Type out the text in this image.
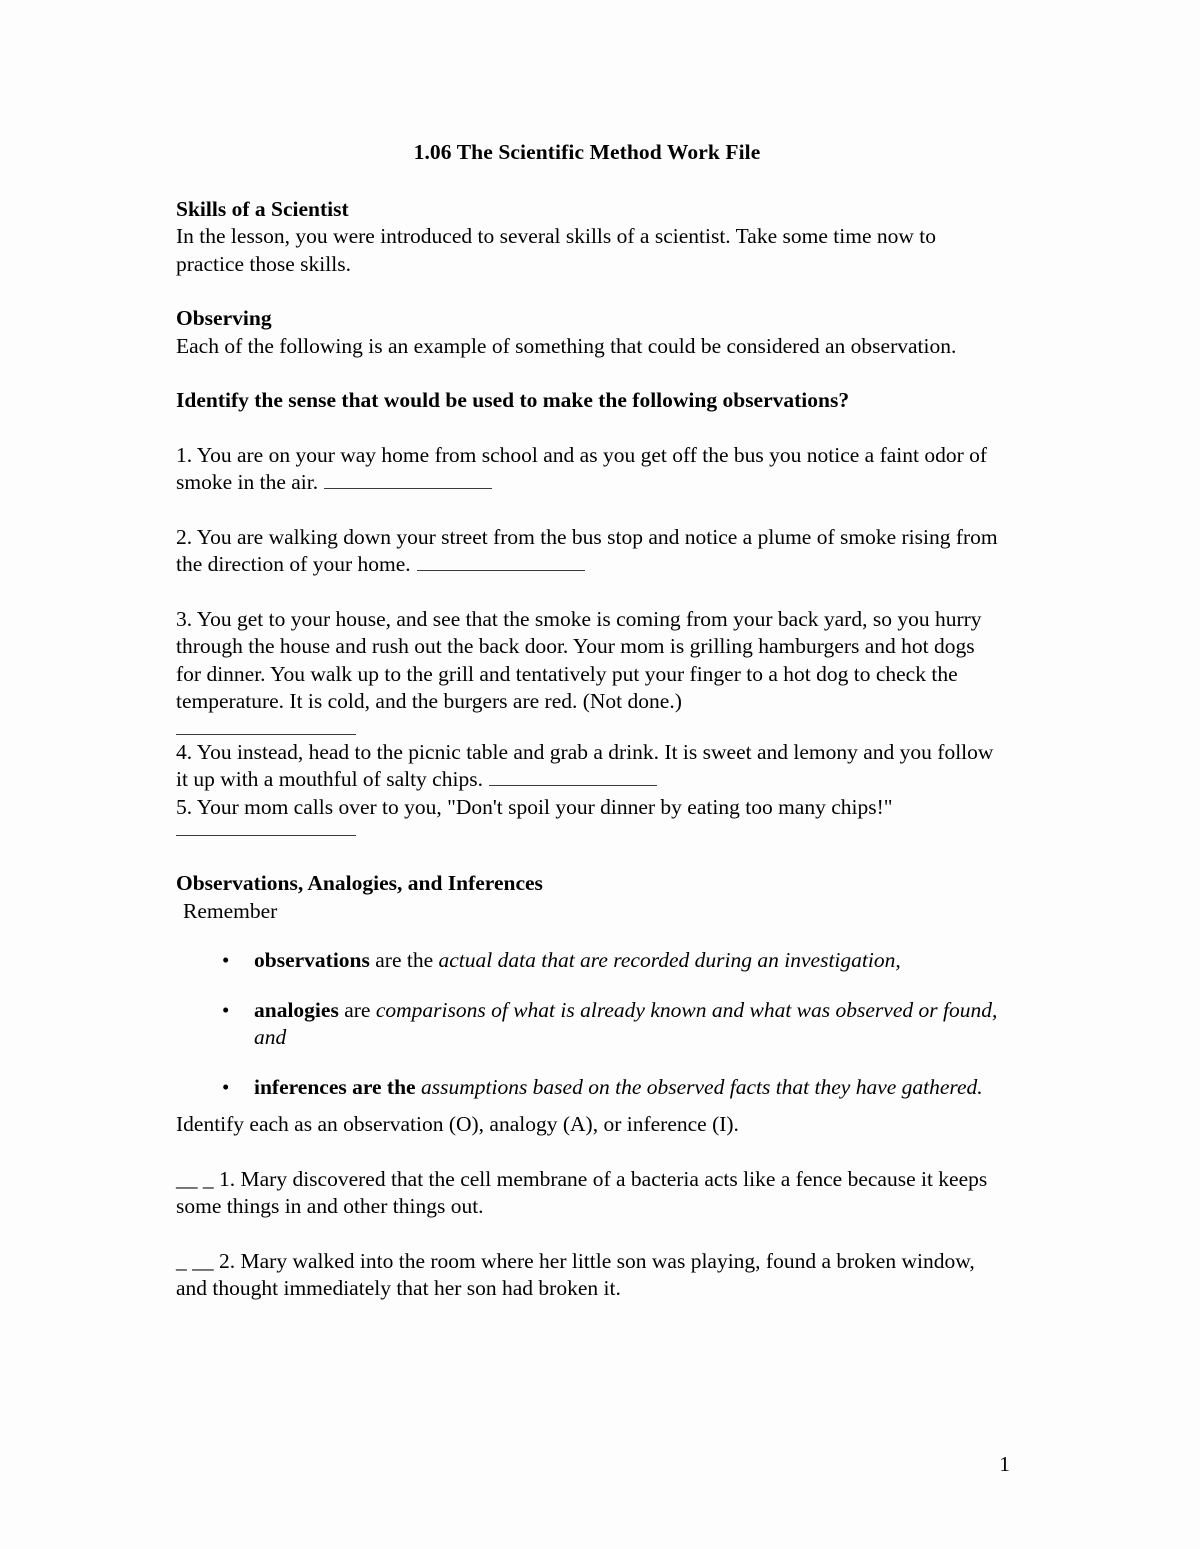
1.06 The Scientific Method Work File
Skills of a Scientist
In the lesson, you were introduced to several skills of a scientist. Take some time now to practice those skills.
Observing
Each of the following is an example of something that could be considered an observation.
Identify the sense that would be used to make the following observations?
1. You are on your way home from school and as you get off the bus you notice a faint odor of smoke in the air.
2. You are walking down your street from the bus stop and notice a plume of smoke rising from the direction of your home.
3. You get to your house, and see that the smoke is coming from your back yard, so you hurry through the house and rush out the back door. Your mom is grilling hamburgers and hot dogs for dinner. You walk up to the grill and tentatively put your finger to a hot dog to check the temperature. It is cold, and the burgers are red. (Not done.)
4. You instead, head to the picnic table and grab a drink. It is sweet and lemony and you follow it up with a mouthful of salty chips.
5. Your mom calls over to you, "Don't spoil your dinner by eating too many chips!"
Observations, Analogies, and Inferences
Remember
• observations are the actual data that are recorded during an investigation,
• analogies are comparisons of what is already known and what was observed or found, and
• inferences are the assumptions based on the observed facts that they have gathered.
Identify each as an observation (O), analogy (A), or inference (I).
__ _ 1. Mary discovered that the cell membrane of a bacteria acts like a fence because it keeps some things in and other things out.
_ __ 2. Mary walked into the room where her little son was playing, found a broken window, and thought immediately that her son had broken it.
1
